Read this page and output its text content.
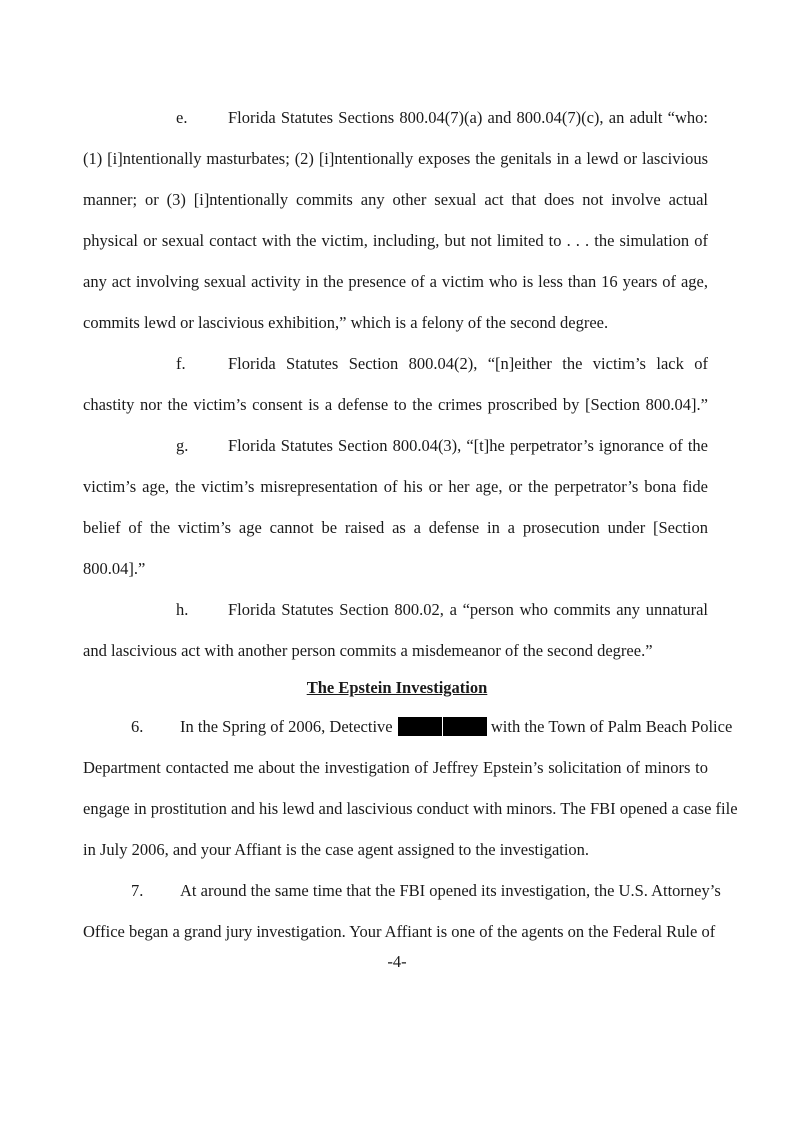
e. Florida Statutes Sections 800.04(7)(a) and 800.04(7)(c), an adult “who:
(1) [i]ntentionally masturbates; (2) [i]ntentionally exposes the genitals in a lewd or lascivious
manner; or (3) [i]ntentionally commits any other sexual act that does not involve actual
physical or sexual contact with the victim, including, but not limited to . . . the simulation of
any act involving sexual activity in the presence of a victim who is less than 16 years of age,
commits lewd or lascivious exhibition,” which is a felony of the second degree.
f.	Florida Statutes Section 800.04(2), “[n]either the victim’s lack of
chastity nor the victim’s consent is a defense to the crimes proscribed by [Section 800.04].”
g. Florida Statutes Section 800.04(3), “[t]he perpetrator’s ignorance of the
victim’s age, the victim’s misrepresentation of his or her age, or the perpetrator’s bona fide
belief of the victim’s age cannot be raised as a defense in a prosecution under [Section
800.04].”
h. Florida Statutes Section 800.02, a “person who commits any unnatural
and lascivious act with another person commits a misdemeanor of the second degree.”
The Epstein Investigation
6. In the Spring of 2006, Detective	with the Town of Palm Beach Police
Department contacted me about the investigation of Jeffrey Epstein’s solicitation of minors to
engage in prostitution and his lewd and lascivious conduct with minors. The FBI opened a case file
in July 2006, and your Affiant is the case agent assigned to the investigation.
7. At around the same time that the FBI opened its investigation, the U.S. Attorney’s
Office began a grand jury investigation. Your Affiant is one of the agents on the Federal Rule of
-4-
